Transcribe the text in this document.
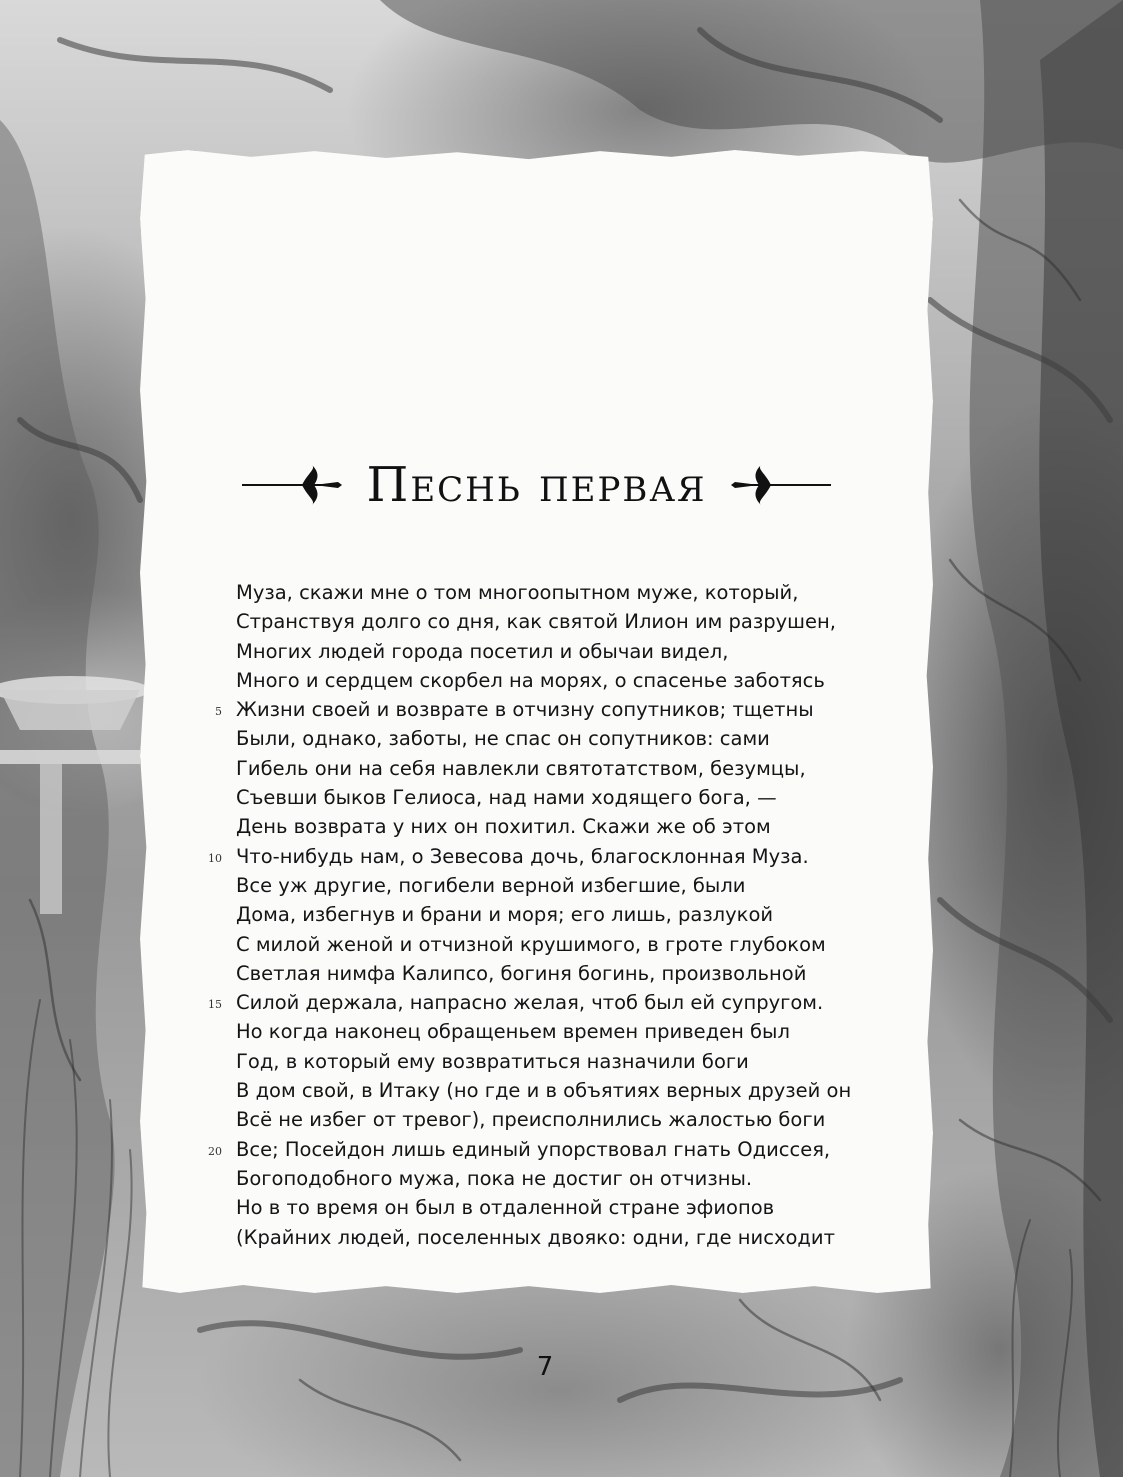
Песнь первая
Муза, скажи мне о том многоопытном муже, который,
Странствуя долго со дня, как святой Илион им разрушен,
Многих людей города посетил и обычаи видел,
Много и сердцем скорбел на морях, о спасенье заботясь
5 Жизни своей и возврате в отчизну сопутников; тщетны
Были, однако, заботы, не спас он сопутников: сами
Гибель они на себя навлекли святотатством, безумцы,
Съевши быков Гелиоса, над нами ходящего бога, —
День возврата у них он похитил. Скажи же об этом
10 Что-нибудь нам, о Зевесова дочь, благосклонная Муза.
Все уж другие, погибели верной избегшие, были
Дома, избегнув и брани и моря; его лишь, разлукой
С милой женой и отчизной крушимого, в гроте глубоком
Светлая нимфа Калипсо, богиня богинь, произвольной
15 Силой держала, напрасно желая, чтоб был ей супругом.
Но когда наконец обращеньем времен приведен был
Год, в который ему возвратиться назначили боги
В дом свой, в Итаку (но где и в объятиях верных друзей он
Всё не избег от тревог), преисполнились жалостью боги
20 Все; Посейдон лишь единый упорствовал гнать Одиссея,
Богоподобного мужа, пока не достиг он отчизны.
Но в то время он был в отдаленной стране эфиопов
(Крайних людей, поселенных двояко: одни, где нисходит
7
